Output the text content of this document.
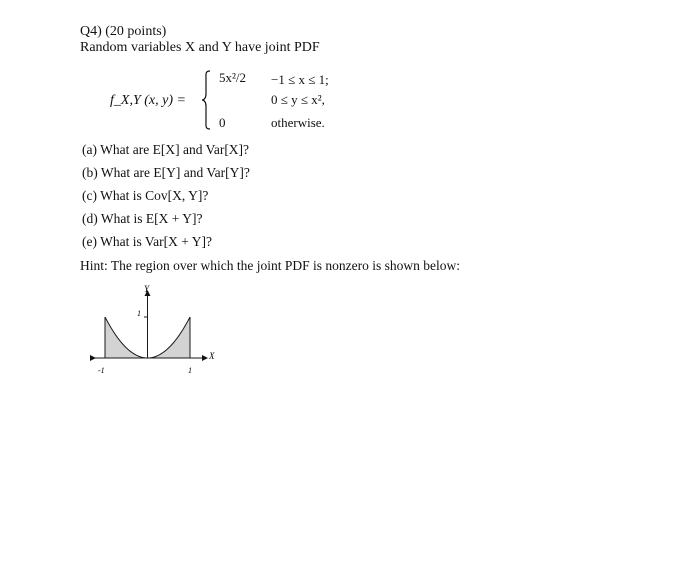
Q4) (20 points)
Random variables X and Y have joint PDF
f_X,Y (x, y) =
5x²/2 −1 ≤ x ≤ 1;
0 ≤ y ≤ x²,
0	otherwise.
(a) What are E[X] and Var[X]?
(b) What are E[Y] and Var[Y]?
(c) What is Cov[X, Y]?
(d) What is E[X + Y]?
(e) What is Var[X + Y]?
Hint: The region over which the joint PDF is nonzero is shown below:
Y
X
1
-1	1
